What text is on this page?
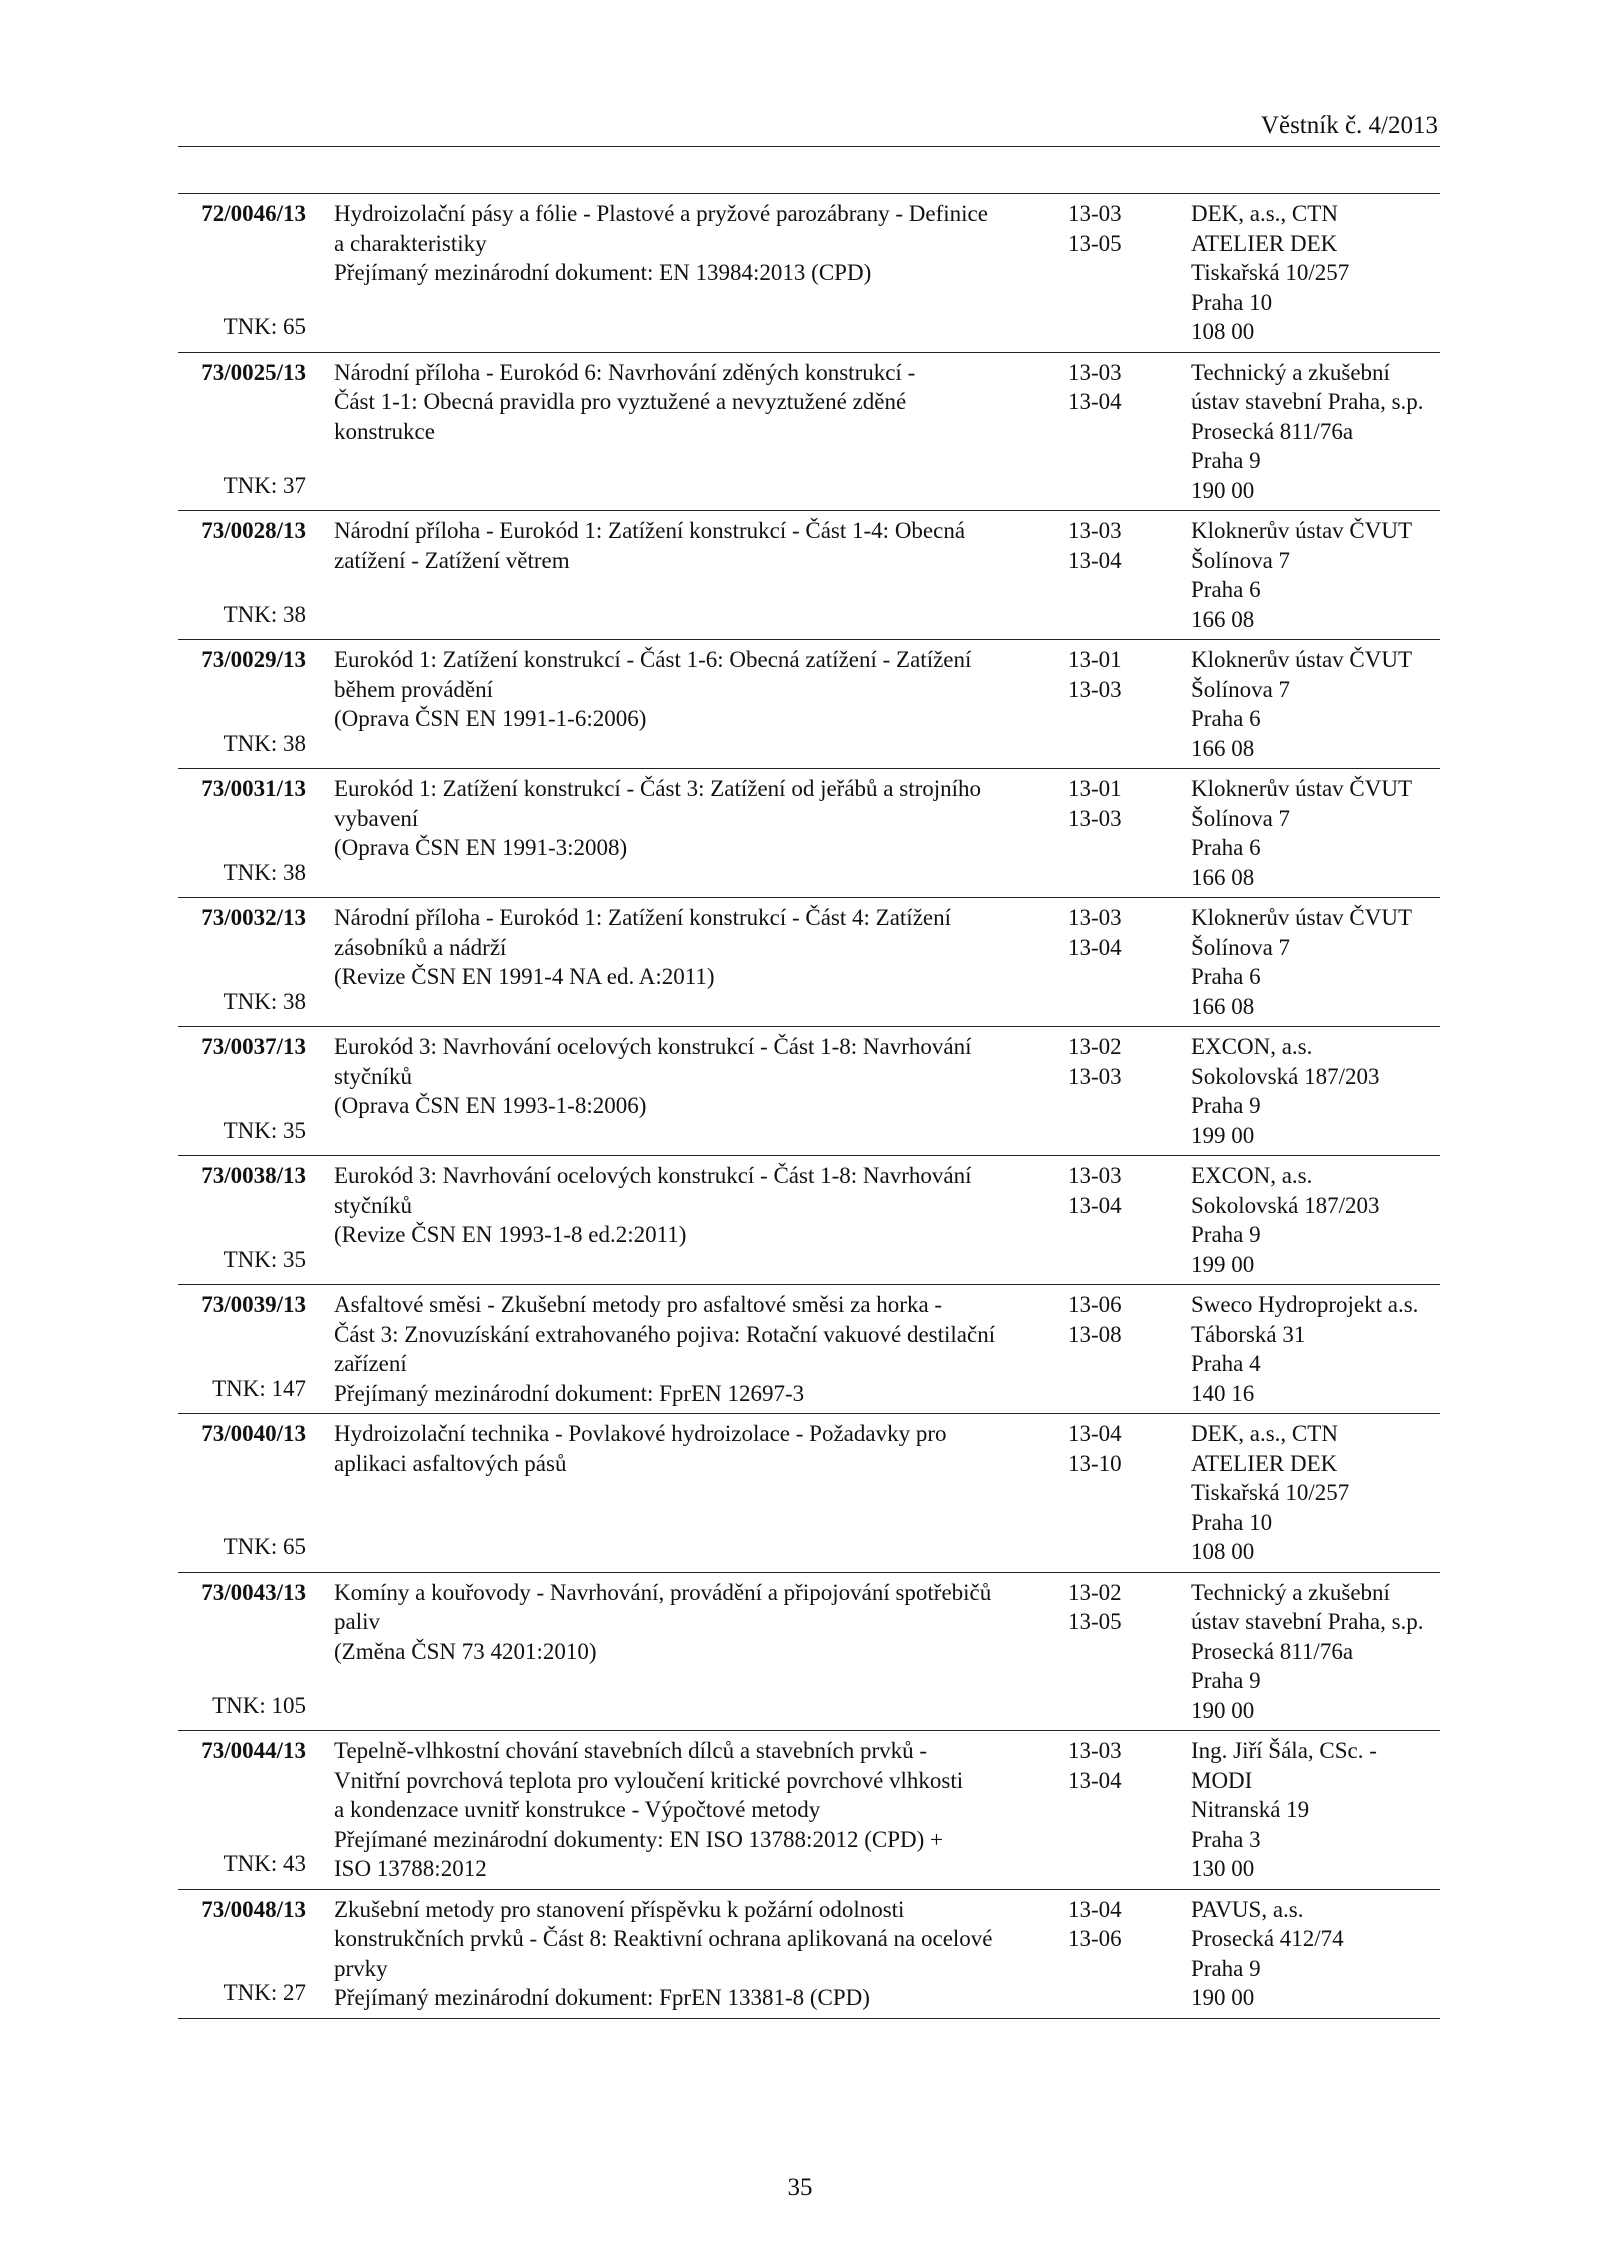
Věstník č. 4/2013
72/0046/13
TNK: 65
Hydroizolační pásy a fólie - Plastové a pryžové parozábrany - Definice
a charakteristiky
Přejímaný mezinárodní dokument: EN 13984:2013 (CPD)
13-03
13-05
DEK, a.s., CTN
ATELIER DEK
Tiskařská 10/257
Praha 10
108 00
73/0025/13
TNK: 37
Národní příloha - Eurokód 6: Navrhování zděných konstrukcí -
Část 1-1: Obecná pravidla pro vyztužené a nevyztužené zděné
konstrukce
13-03
13-04
Technický a zkušební
ústav stavební Praha, s.p.
Prosecká 811/76a
Praha 9
190 00
73/0028/13
TNK: 38
Národní příloha - Eurokód 1: Zatížení konstrukcí - Část 1-4: Obecná
zatížení - Zatížení větrem
13-03
13-04
Kloknerův ústav ČVUT
Šolínova 7
Praha 6
166 08
73/0029/13
TNK: 38
Eurokód 1: Zatížení konstrukcí - Část 1-6: Obecná zatížení - Zatížení
během provádění
(Oprava ČSN EN 1991-1-6:2006)
13-01
13-03
Kloknerův ústav ČVUT
Šolínova 7
Praha 6
166 08
73/0031/13
TNK: 38
Eurokód 1: Zatížení konstrukcí - Část 3: Zatížení od jeřábů a strojního
vybavení
(Oprava ČSN EN 1991-3:2008)
13-01
13-03
Kloknerův ústav ČVUT
Šolínova 7
Praha 6
166 08
73/0032/13
TNK: 38
Národní příloha - Eurokód 1: Zatížení konstrukcí - Část 4: Zatížení
zásobníků a nádrží
(Revize ČSN EN 1991-4 NA ed. A:2011)
13-03
13-04
Kloknerův ústav ČVUT
Šolínova 7
Praha 6
166 08
73/0037/13
TNK: 35
Eurokód 3: Navrhování ocelových konstrukcí - Část 1-8: Navrhování
styčníků
(Oprava ČSN EN 1993-1-8:2006)
13-02
13-03
EXCON, a.s.
Sokolovská 187/203
Praha 9
199 00
73/0038/13
TNK: 35
Eurokód 3: Navrhování ocelových konstrukcí - Část 1-8: Navrhování
styčníků
(Revize ČSN EN 1993-1-8 ed.2:2011)
13-03
13-04
EXCON, a.s.
Sokolovská 187/203
Praha 9
199 00
73/0039/13
TNK: 147
Asfaltové směsi - Zkušební metody pro asfaltové směsi za horka -
Část 3: Znovuzískání extrahovaného pojiva: Rotační vakuové destilační
zařízení
Přejímaný mezinárodní dokument: FprEN 12697-3
13-06
13-08
Sweco Hydroprojekt a.s.
Táborská 31
Praha 4
140 16
73/0040/13
TNK: 65
Hydroizolační technika - Povlakové hydroizolace - Požadavky pro
aplikaci asfaltových pásů
13-04
13-10
DEK, a.s., CTN
ATELIER DEK
Tiskařská 10/257
Praha 10
108 00
73/0043/13
TNK: 105
Komíny a kouřovody - Navrhování, provádění a připojování spotřebičů
paliv
(Změna ČSN 73 4201:2010)
13-02
13-05
Technický a zkušební
ústav stavební Praha, s.p.
Prosecká 811/76a
Praha 9
190 00
73/0044/13
TNK: 43
Tepelně-vlhkostní chování stavebních dílců a stavebních prvků -
Vnitřní povrchová teplota pro vyloučení kritické povrchové vlhkosti
a kondenzace uvnitř konstrukce - Výpočtové metody
Přejímané mezinárodní dokumenty: EN ISO 13788:2012 (CPD) +
ISO 13788:2012
13-03
13-04
Ing. Jiří Šála, CSc. -
MODI
Nitranská 19
Praha 3
130 00
73/0048/13
TNK: 27
Zkušební metody pro stanovení příspěvku k požární odolnosti
konstrukčních prvků - Část 8: Reaktivní ochrana aplikovaná na ocelové
prvky
Přejímaný mezinárodní dokument: FprEN 13381-8 (CPD)
13-04
13-06
PAVUS, a.s.
Prosecká 412/74
Praha 9
190 00
35
